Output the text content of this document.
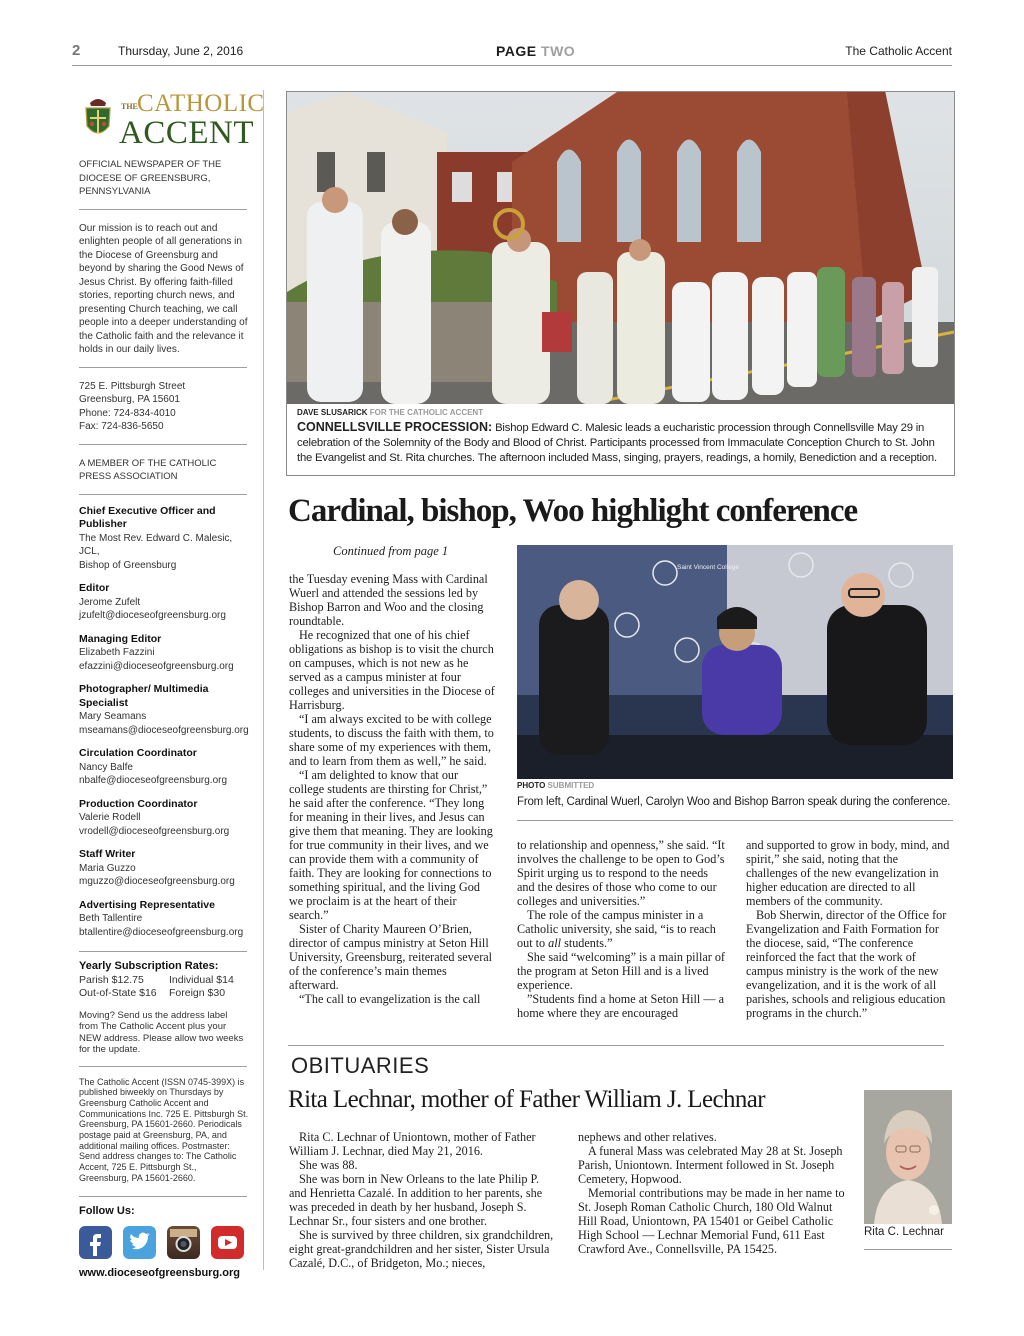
2	Thursday, June 2, 2016	PAGE TWO	The Catholic Accent
THE CATHOLIC
ACCENT
OFFICIAL NEWSPAPER OF THE DIOCESE OF GREENSBURG, PENNSYLVANIA
Our mission is to reach out and enlighten people of all generations in the Diocese of Greensburg and beyond by sharing the Good News of Jesus Christ. By offering faith-filled stories, reporting church news, and presenting Church teaching, we call people into a deeper understanding of the Catholic faith and the relevance it holds in our daily lives.
725 E. Pittsburgh Street
Greensburg, PA 15601
Phone: 724-834-4010
Fax: 724-836-5650
A MEMBER OF THE CATHOLIC PRESS ASSOCIATION
Chief Executive Officer and Publisher
The Most Rev. Edward C. Malesic, JCL,
Bishop of Greensburg
Editor
Jerome Zufelt
jzufelt@dioceseofgreensburg.org
Managing Editor
Elizabeth Fazzini
efazzini@dioceseofgreensburg.org
Photographer/ Multimedia Specialist
Mary Seamans
mseamans@dioceseofgreensburg.org
Circulation Coordinator
Nancy Balfe
nbalfe@dioceseofgreensburg.org
Production Coordinator
Valerie Rodell
vrodell@dioceseofgreensburg.org
Staff Writer
Maria Guzzo
mguzzo@dioceseofgreensburg.org
Advertising Representative
Beth Tallentire
btallentire@dioceseofgreensburg.org
Yearly Subscription Rates:
Parish $12.75	Individual $14
Out-of-State $16	Foreign $30
Moving? Send us the address label from The Catholic Accent plus your NEW address. Please allow two weeks for the update.
The Catholic Accent (ISSN 0745-399X) is published biweekly on Thursdays by Greensburg Catholic Accent and Communications Inc. 725 E. Pittsburgh St. Greensburg, PA 15601-2660. Periodicals postage paid at Greensburg, PA, and additional mailing offices. Postmaster: Send address changes to: The Catholic Accent, 725 E. Pittsburgh St., Greensburg, PA 15601-2660.
Follow Us:
www.dioceseofgreensburg.org
DAVE SLUSARICK FOR THE CATHOLIC ACCENT
CONNELLSVILLE PROCESSION: Bishop Edward C. Malesic leads a eucharistic procession through Connellsville May 29 in celebration of the Solemnity of the Body and Blood of Christ. Participants processed from Immaculate Conception Church to St. John the Evangelist and St. Rita churches. The afternoon included Mass, singing, prayers, readings, a homily, Benediction and a reception.
Cardinal, bishop, Woo highlight conference
Continued from page 1

the Tuesday evening Mass with Cardinal Wuerl and attended the sessions led by Bishop Barron and Woo and the closing roundtable.

He recognized that one of his chief obligations as bishop is to visit the church on campuses, which is not new as he served as a campus minister at four colleges and universities in the Diocese of Harrisburg.

“I am always excited to be with college students, to discuss the faith with them, to share some of my experiences with them, and to learn from them as well,” he said.

“I am delighted to know that our college students are thirsting for Christ,” he said after the conference. “They long for meaning in their lives, and Jesus can give them that meaning. They are looking for true community in their lives, and we can provide them with a community of faith. They are looking for connections to something spiritual, and the living God we proclaim is at the heart of their search.”

Sister of Charity Maureen O’Brien, director of campus ministry at Seton Hill University, Greensburg, reiterated several of the conference’s main themes afterward.

“The call to evangelization is the call

Saint Vincent College
PHOTO SUBMITTED
From left, Cardinal Wuerl, Carolyn Woo and Bishop Barron speak during the conference.

to relationship and openness,” she said. “It involves the challenge to be open to God’s Spirit urging us to respond to the needs and the desires of those who come to our colleges and universities.”

The role of the campus minister in a Catholic university, she said, “is to reach out to all students.”

She said “welcoming” is a main pillar of the program at Seton Hill and is a lived experience.

”Students find a home at Seton Hill — a home where they are encouraged

and supported to grow in body, mind, and spirit,” she said, noting that the challenges of the new evangelization in higher education are directed to all members of the community.

Bob Sherwin, director of the Office for Evangelization and Faith Formation for the diocese, said, “The conference reinforced the fact that the work of campus ministry is the work of the new evangelization, and it is the work of all parishes, schools and religious education programs in the church.”

OBITUARIES
Rita Lechnar, mother of Father William J. Lechnar

Rita C. Lechnar of Uniontown, mother of Father William J. Lechnar, died May 21, 2016.

She was 88.

She was born in New Orleans to the late Philip P. and Henrietta Cazalé. In addition to her parents, she was preceded in death by her husband, Joseph S. Lechnar Sr., four sisters and one brother.

She is survived by three children, six grandchildren, eight great-grandchildren and her sister, Sister Ursula Cazalé, D.C., of Bridgeton, Mo.; nieces,

nephews and other relatives.

A funeral Mass was celebrated May 28 at St. Joseph Parish, Uniontown. Interment followed in St. Joseph Cemetery, Hopwood.

Memorial contributions may be made in her name to St. Joseph Roman Catholic Church, 180 Old Walnut Hill Road, Uniontown, PA 15401 or Geibel Catholic High School — Lechnar Memorial Fund, 611 East Crawford Ave., Connellsville, PA 15425.

Rita C. Lechnar
